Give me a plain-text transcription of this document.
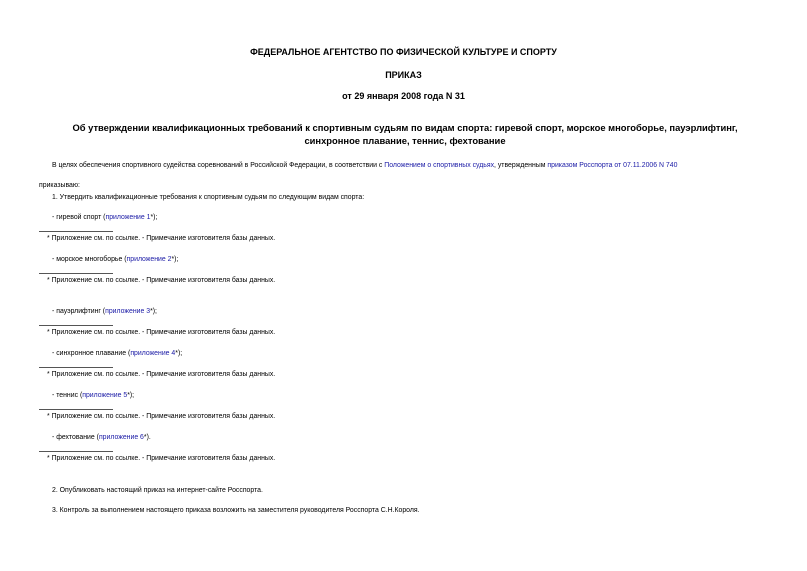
ФЕДЕРАЛЬНОЕ АГЕНТСТВО ПО ФИЗИЧЕСКОЙ КУЛЬТУРЕ И СПОРТУ
ПРИКАЗ
от 29 января 2008 года N 31
Об утверждении квалификационных требований к спортивным судьям по видам спорта: гиревой спорт, морское многоборье, пауэрлифтинг, синхронное плавание, теннис, фехтование
В целях обеспечения спортивного судейства соревнований в Российской Федерации, в соответствии с Положением о спортивных судьях, утвержденным приказом Росспорта от 07.11.2006 N 740
приказываю:
1. Утвердить квалификационные требования к спортивным судьям по следующим видам спорта:
- гиревой спорт (приложение 1*);
* Приложение см. по ссылке. - Примечание изготовителя базы данных.
- морское многоборье (приложение 2*);
* Приложение см. по ссылке. - Примечание изготовителя базы данных.
- пауэрлифтинг (приложение 3*);
* Приложение см. по ссылке. - Примечание изготовителя базы данных.
- синхронное плавание (приложение 4*);
* Приложение см. по ссылке. - Примечание изготовителя базы данных.
- теннис (приложение 5*);
* Приложение см. по ссылке. - Примечание изготовителя базы данных.
- фехтование (приложение 6*).
* Приложение см. по ссылке. - Примечание изготовителя базы данных.
2. Опубликовать настоящий приказ на интернет-сайте Росспорта.
3. Контроль за выполнением настоящего приказа возложить на заместителя руководителя Росспорта С.Н.Короля.
